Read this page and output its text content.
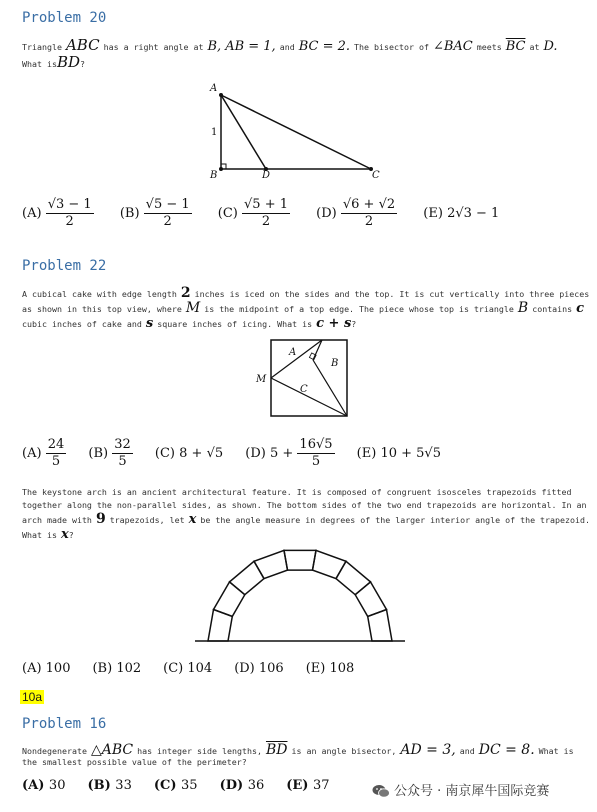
Problem 20
Triangle ABC has a right angle at B, AB = 1, and BC = 2. The bisector of ∠BAC meets $\overline{BC}$ at D.
What isBD?
A
B	D	C
1
$(A) \frac{√3 - 1}{2} (B) \frac{√5 - 1}{2} (C) \frac{√5 + 1}{2} (D) \frac{√6 + √2}{2} (E) 2√3 - 1$
Problem 22
A cubical cake with edge length 2 inches is iced on the sides and the top. It is cut vertically into three pieces
as shown in this top view, where M is the midpoint of a top edge. The piece whose top is triangle B contains c
cubic inches of cake and s square inches of icing. What is c + s?
A
B
C
M
$(A) \frac{24}{5} (B) \frac{32}{5} (C) 8 + √5$ (D) $5 + \frac{16√5}{5} (E) 10 + 5√5$
The keystone arch is an ancient architectural feature. It is composed of congruent isosceles trapezoids fitted
together along the non-parallel sides, as shown. The bottom sides of the two end trapezoids are horizontal. In an
arch made with 9 trapezoids, let x be the angle measure in degrees of the larger interior angle of the trapezoid.
What is x?
(A) 100 (B) 102 (C) 104 (D) 106 (E) 108
10a
Problem 16
Nondegenerate △ABC has integer side lengths, $\overline{BD}$ is an angle bisector, AD = 3, and DC = 8. What is
the smallest possible value of the perimeter?
(A) 30 (B) 33 (C) 35 (D) 36 (E) 37	公众号 · 南京犀牛国际竞赛
